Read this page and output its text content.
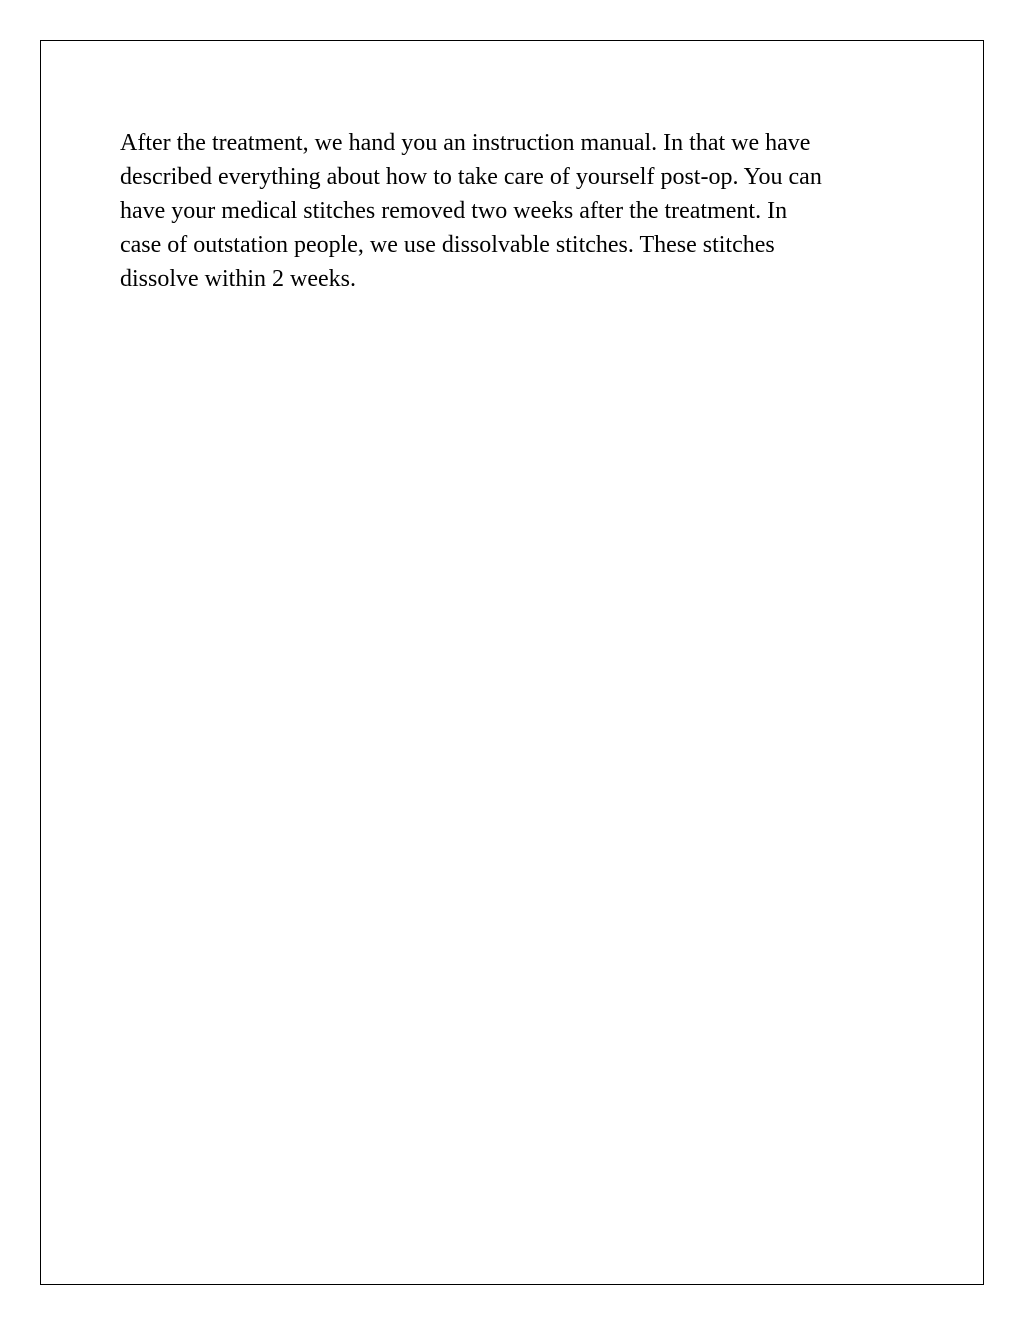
After the treatment, we hand you an instruction manual. In that we have
described everything about how to take care of yourself post-op. You can
have your medical stitches removed two weeks after the treatment. In
case of outstation people, we use dissolvable stitches. These stitches
dissolve within 2 weeks.
